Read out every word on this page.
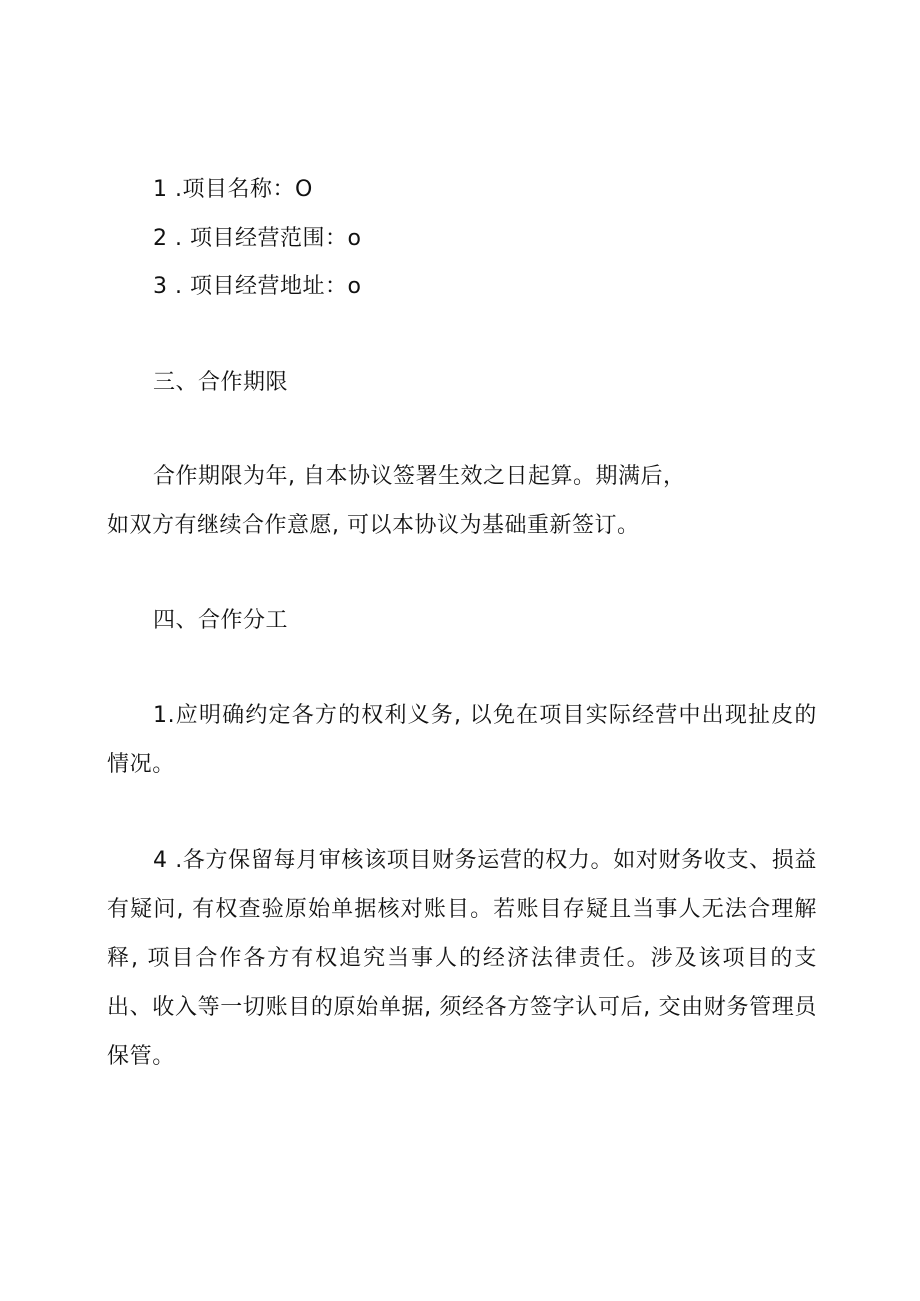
1 .项目名称：O
2 . 项目经营范围：o
3 . 项目经营地址：o
三、合作期限
合作期限为年, 自本协议签署生效之日起算。期满后，
如双方有继续合作意愿, 可以本协议为基础重新签订。
四、合作分工
1.应明确约定各方的权利义务, 以免在项目实际经营中出现扯皮的情况。
4 .各方保留每月审核该项目财务运营的权力。如对财务收支、损益有疑问, 有权查验原始单据核对账目。若账目存疑且当事人无法合理解释, 项目合作各方有权追究当事人的经济法律责任。涉及该项目的支出、收入等一切账目的原始单据, 须经各方签字认可后, 交由财务管理员保管。
